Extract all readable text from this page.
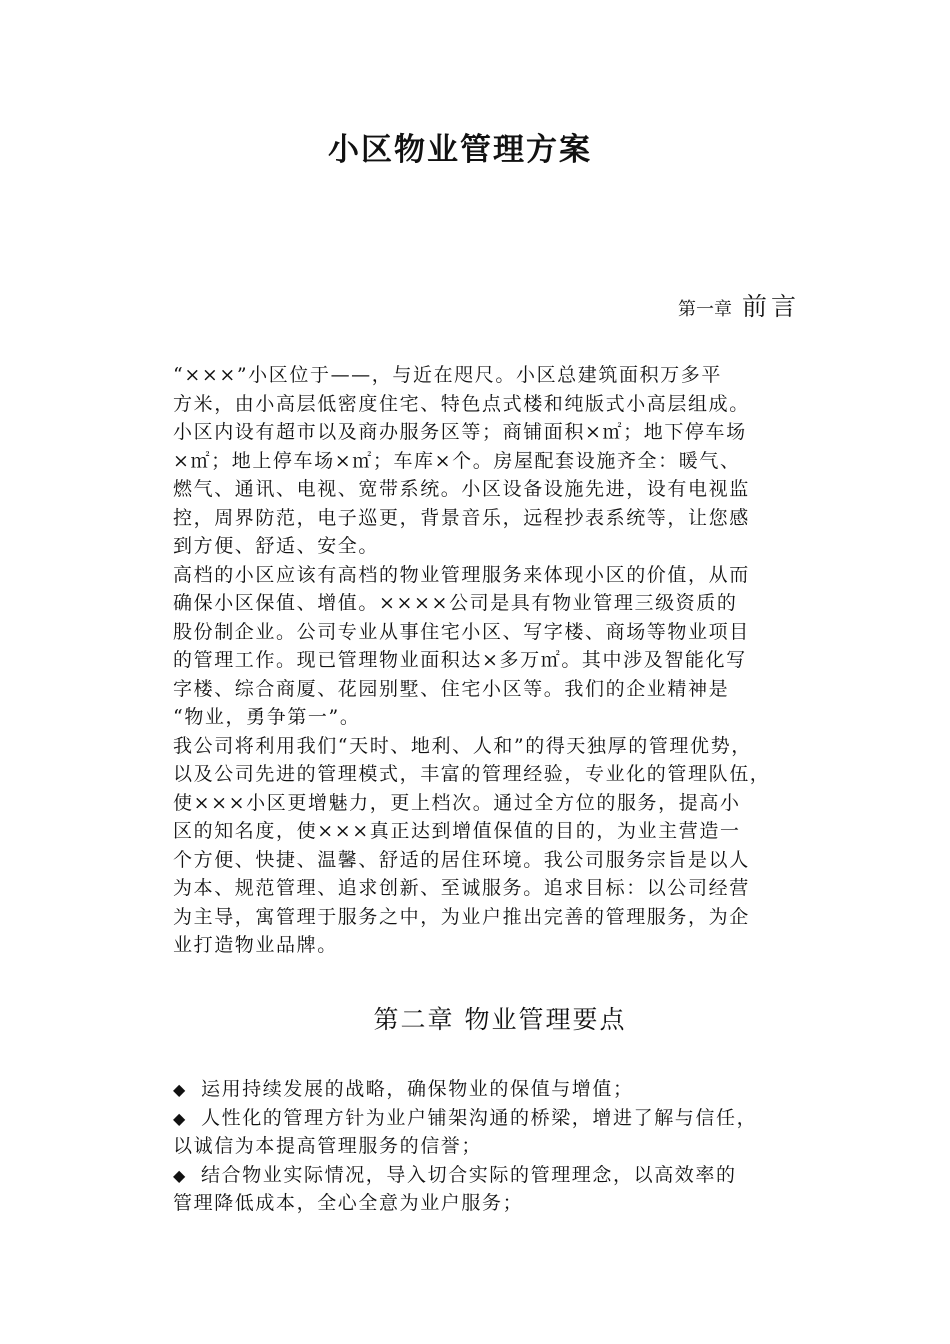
小区物业管理方案
第一章 前言
“×××”小区位于——，与近在咫尺。小区总建筑面积万多平
方米，由小高层低密度住宅、特色点式楼和纯版式小高层组成。
小区内设有超市以及商办服务区等；商铺面积×㎡；地下停车场
×㎡；地上停车场×㎡；车库×个。房屋配套设施齐全：暖气、
燃气、通讯、电视、宽带系统。小区设备设施先进，设有电视监
控，周界防范，电子巡更，背景音乐，远程抄表系统等，让您感
到方便、舒适、安全。
高档的小区应该有高档的物业管理服务来体现小区的价值，从而
确保小区保值、增值。××××公司是具有物业管理三级资质的
股份制企业。公司专业从事住宅小区、写字楼、商场等物业项目
的管理工作。现已管理物业面积达×多万㎡。其中涉及智能化写
字楼、综合商厦、花园别墅、住宅小区等。我们的企业精神是
“物业，勇争第一”。
我公司将利用我们“天时、地利、人和”的得天独厚的管理优势，
以及公司先进的管理模式，丰富的管理经验，专业化的管理队伍，
使×××小区更增魅力，更上档次。通过全方位的服务，提高小
区的知名度，使×××真正达到增值保值的目的，为业主营造一
个方便、快捷、温馨、舒适的居住环境。我公司服务宗旨是以人
为本、规范管理、追求创新、至诚服务。追求目标：以公司经营
为主导，寓管理于服务之中，为业户推出完善的管理服务，为企
业打造物业品牌。
第二章 物业管理要点
◆ 运用持续发展的战略，确保物业的保值与增值；
◆ 人性化的管理方针为业户铺架沟通的桥梁，增进了解与信任，
以诚信为本提高管理服务的信誉；
◆ 结合物业实际情况，导入切合实际的管理理念，以高效率的
管理降低成本，全心全意为业户服务；
